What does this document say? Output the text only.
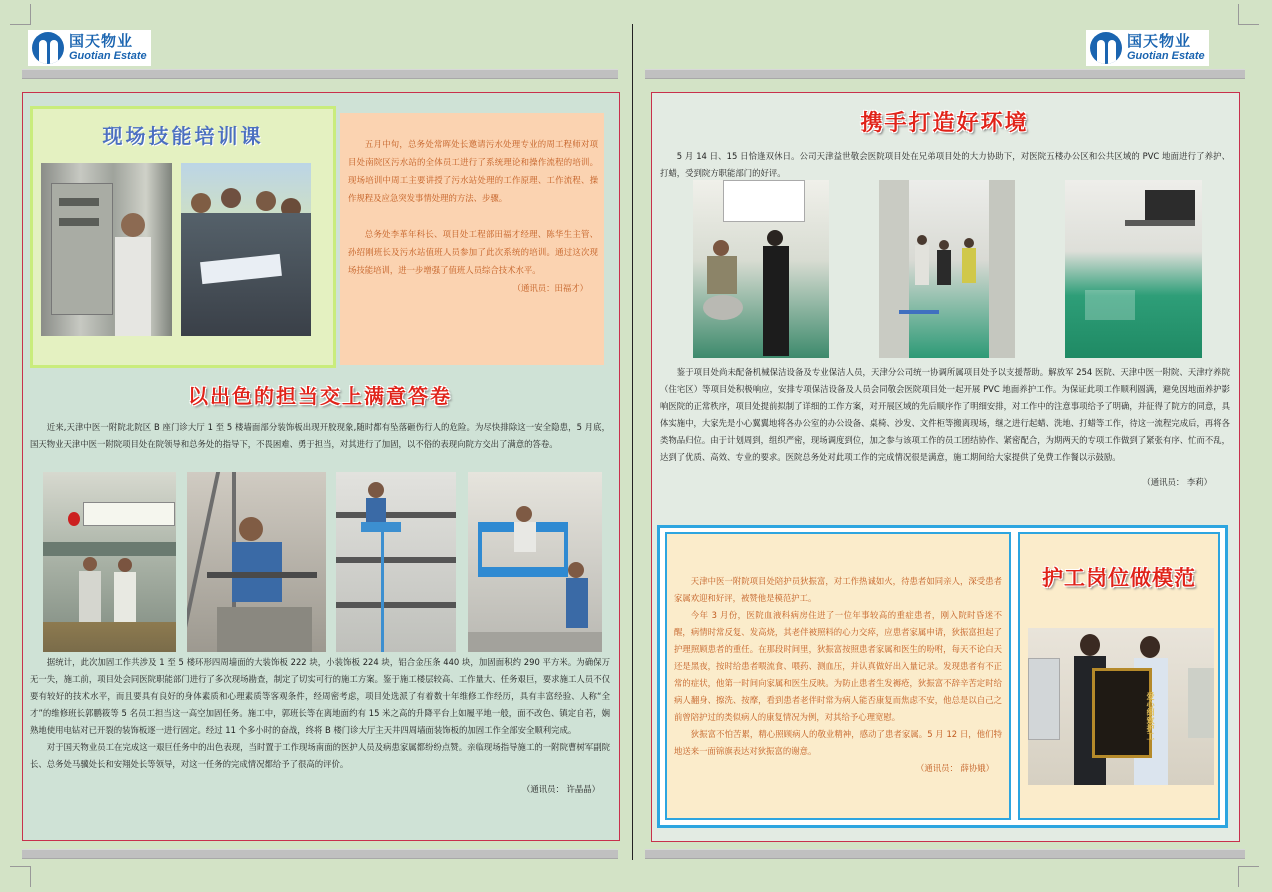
国天物业
Guotian Estate
国天物业
Guotian Estate
现场技能培训课	五月中旬，总务处常晖处长邀请污水处理专业的周工程师对项目处南院区污水站的全体员工进行了系统理论和操作流程的培训。现场培训中周工主要讲授了污水站处理的工作原理、工作流程、操作规程及应急突发事情处理的方法、步骤。

总务处李革年科长、项目处工程部田福才经理、陈华生主管、孙绍刚班长及污水站值班人员参加了此次系统的培训。通过这次现场技能培训，进一步增强了值班人员综合技术水平。

（通讯员：田福才）
以出色的担当交上满意答卷

近来,天津中医一附院北院区 B 座门诊大厅 1 至 5 楼墙面部分装饰板出现开胶现象,随时都有坠落砸伤行人的危险。为尽快排除这一安全隐患，5 月底，国天物业天津中医一附院项目处在院领导和总务处的指导下，不畏困难、勇于担当，对其进行了加固，以不俗的表现向院方交出了满意的答卷。

据统计，此次加固工作共涉及 1 至 5 楼环形四周墙面的大装饰板 222 块，小装饰板 224 块，铝合金压条 440 块，加固面积约 290 平方米。为确保万无一失，施工前，项目处会同医院职能部门进行了多次现场勘查，制定了切实可行的施工方案。鉴于施工楼层较高、工作量大、任务艰巨，要求施工人员不仅要有较好的技术水平，而且要具有良好的身体素质和心理素质等客观条件，经周密考虑，项目处选派了有着数十年维修工作经历，具有丰富经验、人称“全才”的维修班长郭鹏筱等 5 名员工担当这一高空加固任务。施工中，郭班长等在离地面约有 15 米之高的升降平台上如履平地一般，面不改色、镇定自若，娴熟地使用电钻对已开裂的装饰板逐一进行固定。经过 11 个多小时的奋战，终将 B 楼门诊大厅主天井四周墙面装饰板的加固工作全部安全顺利完成。

对于国天物业员工在完成这一艰巨任务中的出色表现，当时置于工作现场南面的医护人员及病患家属都纷纷点赞。亲临现场指导施工的一附院曹树军副院长、总务处马骥处长和安翔处长等领导，对这一任务的完成情况都给予了很高的评价。

（通讯员： 许晶晶）
携手打造好环境

5 月 14 日、15 日恰逢双休日。公司天津益世敬会医院项目处在兄弟项目处的大力协助下，对医院五楼办公区和公共区域的 PVC 地面进行了养护、打蜡，受到院方职能部门的好评。

鉴于项目处尚未配备机械保洁设备及专业保洁人员，天津分公司统一协调所属项目处予以支援帮助。解放军 254 医院、天津中医一附院、天津疗养院（住宅区）等项目处积极响应，安排专项保洁设备及人员会同敬会医院项目处一起开展 PVC 地面养护工作。为保证此项工作顺利圆满，避免因地面养护影响医院的正常秩序，项目处提前拟制了详细的工作方案，对开展区域的先后顺序作了明细安排，对工作中的注意事项给予了明确，并征得了院方的同意，具体实施中，大家先是小心翼翼地将各办公室的办公设备、桌椅、沙发、文件柜等搬离现场，继之进行起蜡、洗地、打蜡等工作，待这一流程完成后，再将各类物品归位。由于计划周到，组织严密，现场调度到位，加之参与该项工作的员工团结协作、紧密配合，为期两天的专项工作做到了紧张有序、忙而不乱，达到了优质、高效、专业的要求。医院总务处对此项工作的完成情况很是满意，施工期间给大家提供了免费工作餐以示鼓励。

（通讯员： 李莉）

天津中医一附院项目处陪护员狄振富，对工作热诚如火，待患者如同亲人，深受患者家属欢迎和好评，被赞他是模范护工。

今年 3 月份，医院血液科病房住进了一位年事较高的重症患者，刚入院时昏迷不醒，病情时常反复、发高烧，其老伴被照料的心力交瘁，应患者家属申请，狄振富担起了护理照顾患者的重任。在那段时间里，狄振富按照患者家属和医生的吩咐，每天不论白天还是黑夜，按时给患者喂流食、喂药、测血压，并认真做好出入量记录。发现患者有不正常的症状，他第一时间向家属和医生反映。为防止患者生发褥疮，狄振富不辞辛苦定时给病人翻身、擦洗、按摩，看到患者老伴时常为病人能否康复而焦虑不安，他总是以自己之前曾陪护过的类似病人的康复情况为例，对其给予心理宽慰。

狄振富不怕苦累，精心照顾病人的敬业精神，感动了患者家属。5 月 12 日，他们特地送来一面锦旗表达对狄振富的谢意。

（通讯员： 薛协娥）
护工岗位做模范
爱心细致护工
